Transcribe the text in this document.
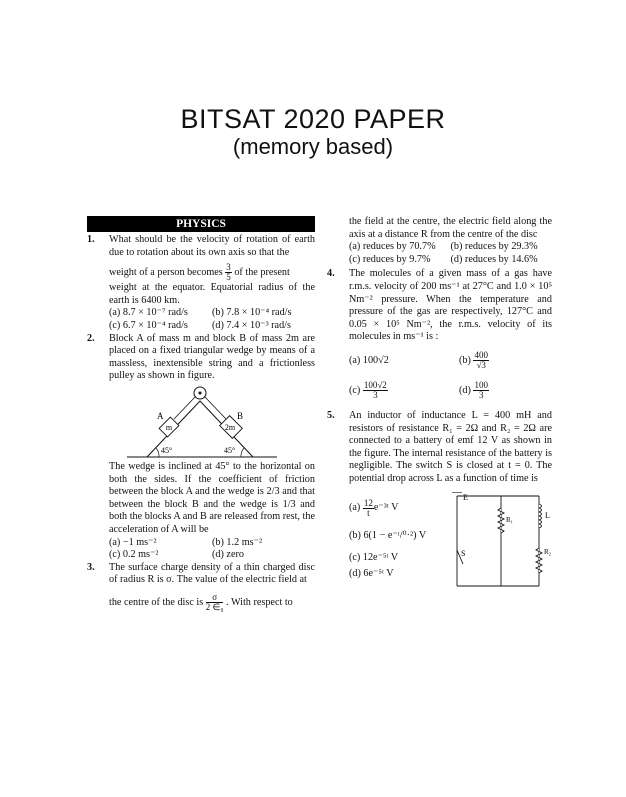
BITSAT 2020 PAPER
(memory based)
PHYSICS
1. What should be the velocity of rotation of earth due to rotation about its own axis so that the
weight of a person becomes $\frac{3}{5}$ of the present
weight at the equator. Equatorial radius of the earth is 6400 km.
(a) 8.7 × 10⁻⁷ rad/s	(b) 7.8 × 10⁻⁴ rad/s
(c) 6.7 × 10⁻⁴ rad/s	(d) 7.4 × 10⁻³ rad/s
2. Block A of mass m and block B of mass 2m are placed on a fixed triangular wedge by means of a massless, inextensible string and a frictionless pulley as shown in figure.
m	2m
A	B
45°	45°
The wedge is inclined at 45° to the horizontal on both the sides. If the coefficient of friction between the block A and the wedge is 2/3 and that between the block B and the wedge is 1/3 and both the blocks A and B are released from rest, the acceleration of A will be
(a) −1 ms⁻²	(b) 1.2 ms⁻²
(c) 0.2 ms⁻²	(d) zero
3. The surface charge density of a thin charged disc of radius R is σ. The value of the electric field at
the centre of the disc is $\frac{\sigma}{\text{2 ∈₀}}$ . With respect to
the field at the centre, the electric field along the axis at a distance R from the centre of the disc
(a) reduces by 70.7%	(b) reduces by 29.3%
(c) reduces by 9.7%	(d) reduces by 14.6%
4. The molecules of a given mass of a gas have r.m.s. velocity of 200 ms⁻¹ at 27°C and 1.0 × 10⁵ Nm⁻² pressure. When the temperature and pressure of the gas are respectively, 127°C and 0.05 × 10⁵ Nm⁻², the r.m.s. velocity of its molecules in ms⁻¹ is :
(a) 100√2	$(b) \frac{400}{√3}$
$(c) \frac{100√2}{3}$	$(d) \frac{100}{3}$
5. An inductor of inductance L = 400 mH and resistors of resistance R₁ = 2Ω and R₂ = 2Ω are connected to a battery of emf 12 V as shown in the figure. The internal resistance of the battery is negligible. The switch S is closed at t = 0. The potential drop across L as a function of time is
(a)
$\frac{12}{t}$ e⁻³ᵗ V
(b)
6(1 − e⁻ᵗ/⁰·²) V
(c) 12e⁻⁵ᵗ V
(d) 6e⁻⁵ᵗ V
E
S
R₁	L
R₂
